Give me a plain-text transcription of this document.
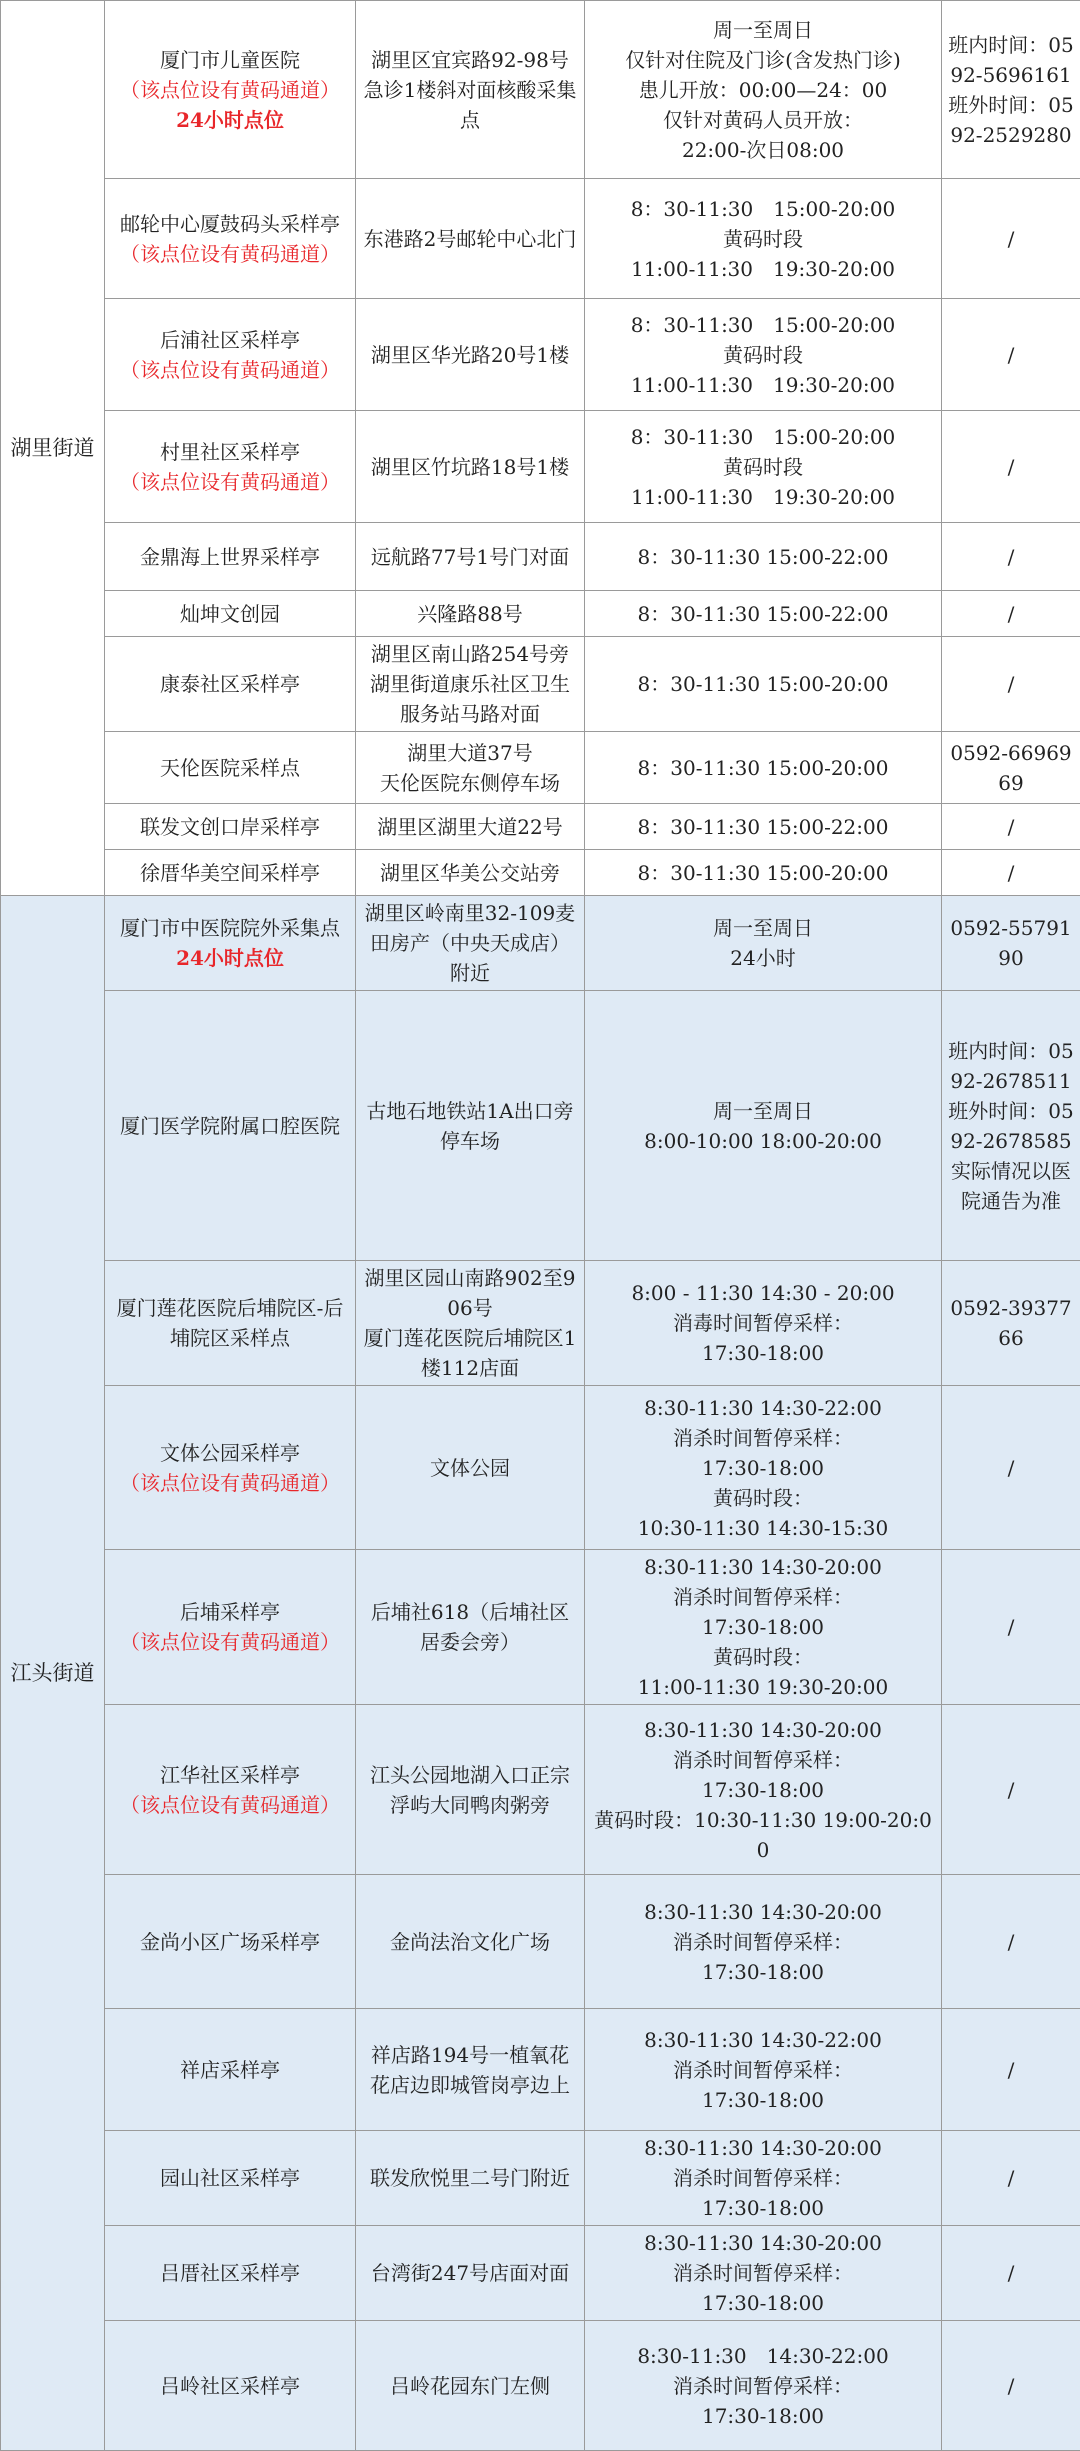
湖里街道	厦门市儿童医院
（该点位设有黄码通道）
24小时点位	湖里区宜宾路92-98号
急诊1楼斜对面核酸采集点	周一至周日
仅针对住院及门诊(含发热门诊)
患儿开放：00:00—24：00
仅针对黄码人员开放：
22:00-次日08:00	班内时间：0592-5696161
班外时间：0592-2529280

	邮轮中心厦鼓码头采样亭
（该点位设有黄码通道）	东港路2号邮轮中心北门	8：30-11:30　15:00-20:00
黄码时段
11:00-11:30　19:30-20:00	/

	后浦社区采样亭
（该点位设有黄码通道）	湖里区华光路20号1楼	8：30-11:30　15:00-20:00
黄码时段
11:00-11:30　19:30-20:00	/

	村里社区采样亭
（该点位设有黄码通道）	湖里区竹坑路18号1楼	8：30-11:30　15:00-20:00
黄码时段
11:00-11:30　19:30-20:00	/

	金鼎海上世界采样亭	远航路77号1号门对面	8：30-11:30 15:00-22:00	/

	灿坤文创园	兴隆路88号	8：30-11:30 15:00-22:00	/

	康泰社区采样亭	湖里区南山路254号旁湖里街道康乐社区卫生服务站马路对面	8：30-11:30 15:00-20:00	/

	天伦医院采样点	湖里大道37号
天伦医院东侧停车场	8：30-11:30 15:00-20:00	0592-6696969

	联发文创口岸采样亭	湖里区湖里大道22号	8：30-11:30 15:00-22:00	/

	徐厝华美空间采样亭	湖里区华美公交站旁	8：30-11:30 15:00-20:00	/

江头街道	厦门市中医院院外采集点
24小时点位	湖里区岭南里32-109麦田房产（中央天成店）附近	周一至周日
24小时	0592-5579190

	厦门医学院附属口腔医院	古地石地铁站1A出口旁停车场	周一至周日
8:00-10:00 18:00-20:00	班内时间：0592-2678511
班外时间：0592-2678585
实际情况以医院通告为准

	厦门莲花医院后埔院区-后埔院区采样点	湖里区园山南路902至906号
厦门莲花医院后埔院区1楼112店面	8:00 - 11:30 14:30 - 20:00
消毒时间暂停采样：
17:30-18:00	0592-3937766

	文体公园采样亭
（该点位设有黄码通道）	文体公园	8:30-11:30 14:30-22:00
消杀时间暂停采样：
17:30-18:00
黄码时段：
10:30-11:30 14:30-15:30	/

	后埔采样亭
（该点位设有黄码通道）	后埔社618（后埔社区居委会旁）	8:30-11:30 14:30-20:00
消杀时间暂停采样：
17:30-18:00
黄码时段：
11:00-11:30 19:30-20:00	/

	江华社区采样亭
（该点位设有黄码通道）	江头公园地湖入口正宗浮屿大同鸭肉粥旁	8:30-11:30 14:30-20:00
消杀时间暂停采样：
17:30-18:00
黄码时段：10:30-11:30 19:00-20:00	/

	金尚小区广场采样亭	金尚法治文化广场	8:30-11:30 14:30-20:00
消杀时间暂停采样：
17:30-18:00	/

	祥店采样亭	祥店路194号一植氧花花店边即城管岗亭边上	8:30-11:30 14:30-22:00
消杀时间暂停采样：
17:30-18:00	/

	园山社区采样亭	联发欣悦里二号门附近	8:30-11:30 14:30-20:00
消杀时间暂停采样：
17:30-18:00	/

	吕厝社区采样亭	台湾街247号店面对面	8:30-11:30 14:30-20:00
消杀时间暂停采样：
17:30-18:00	/

	吕岭社区采样亭	吕岭花园东门左侧	8:30-11:30　14:30-22:00
消杀时间暂停采样：
17:30-18:00	/
